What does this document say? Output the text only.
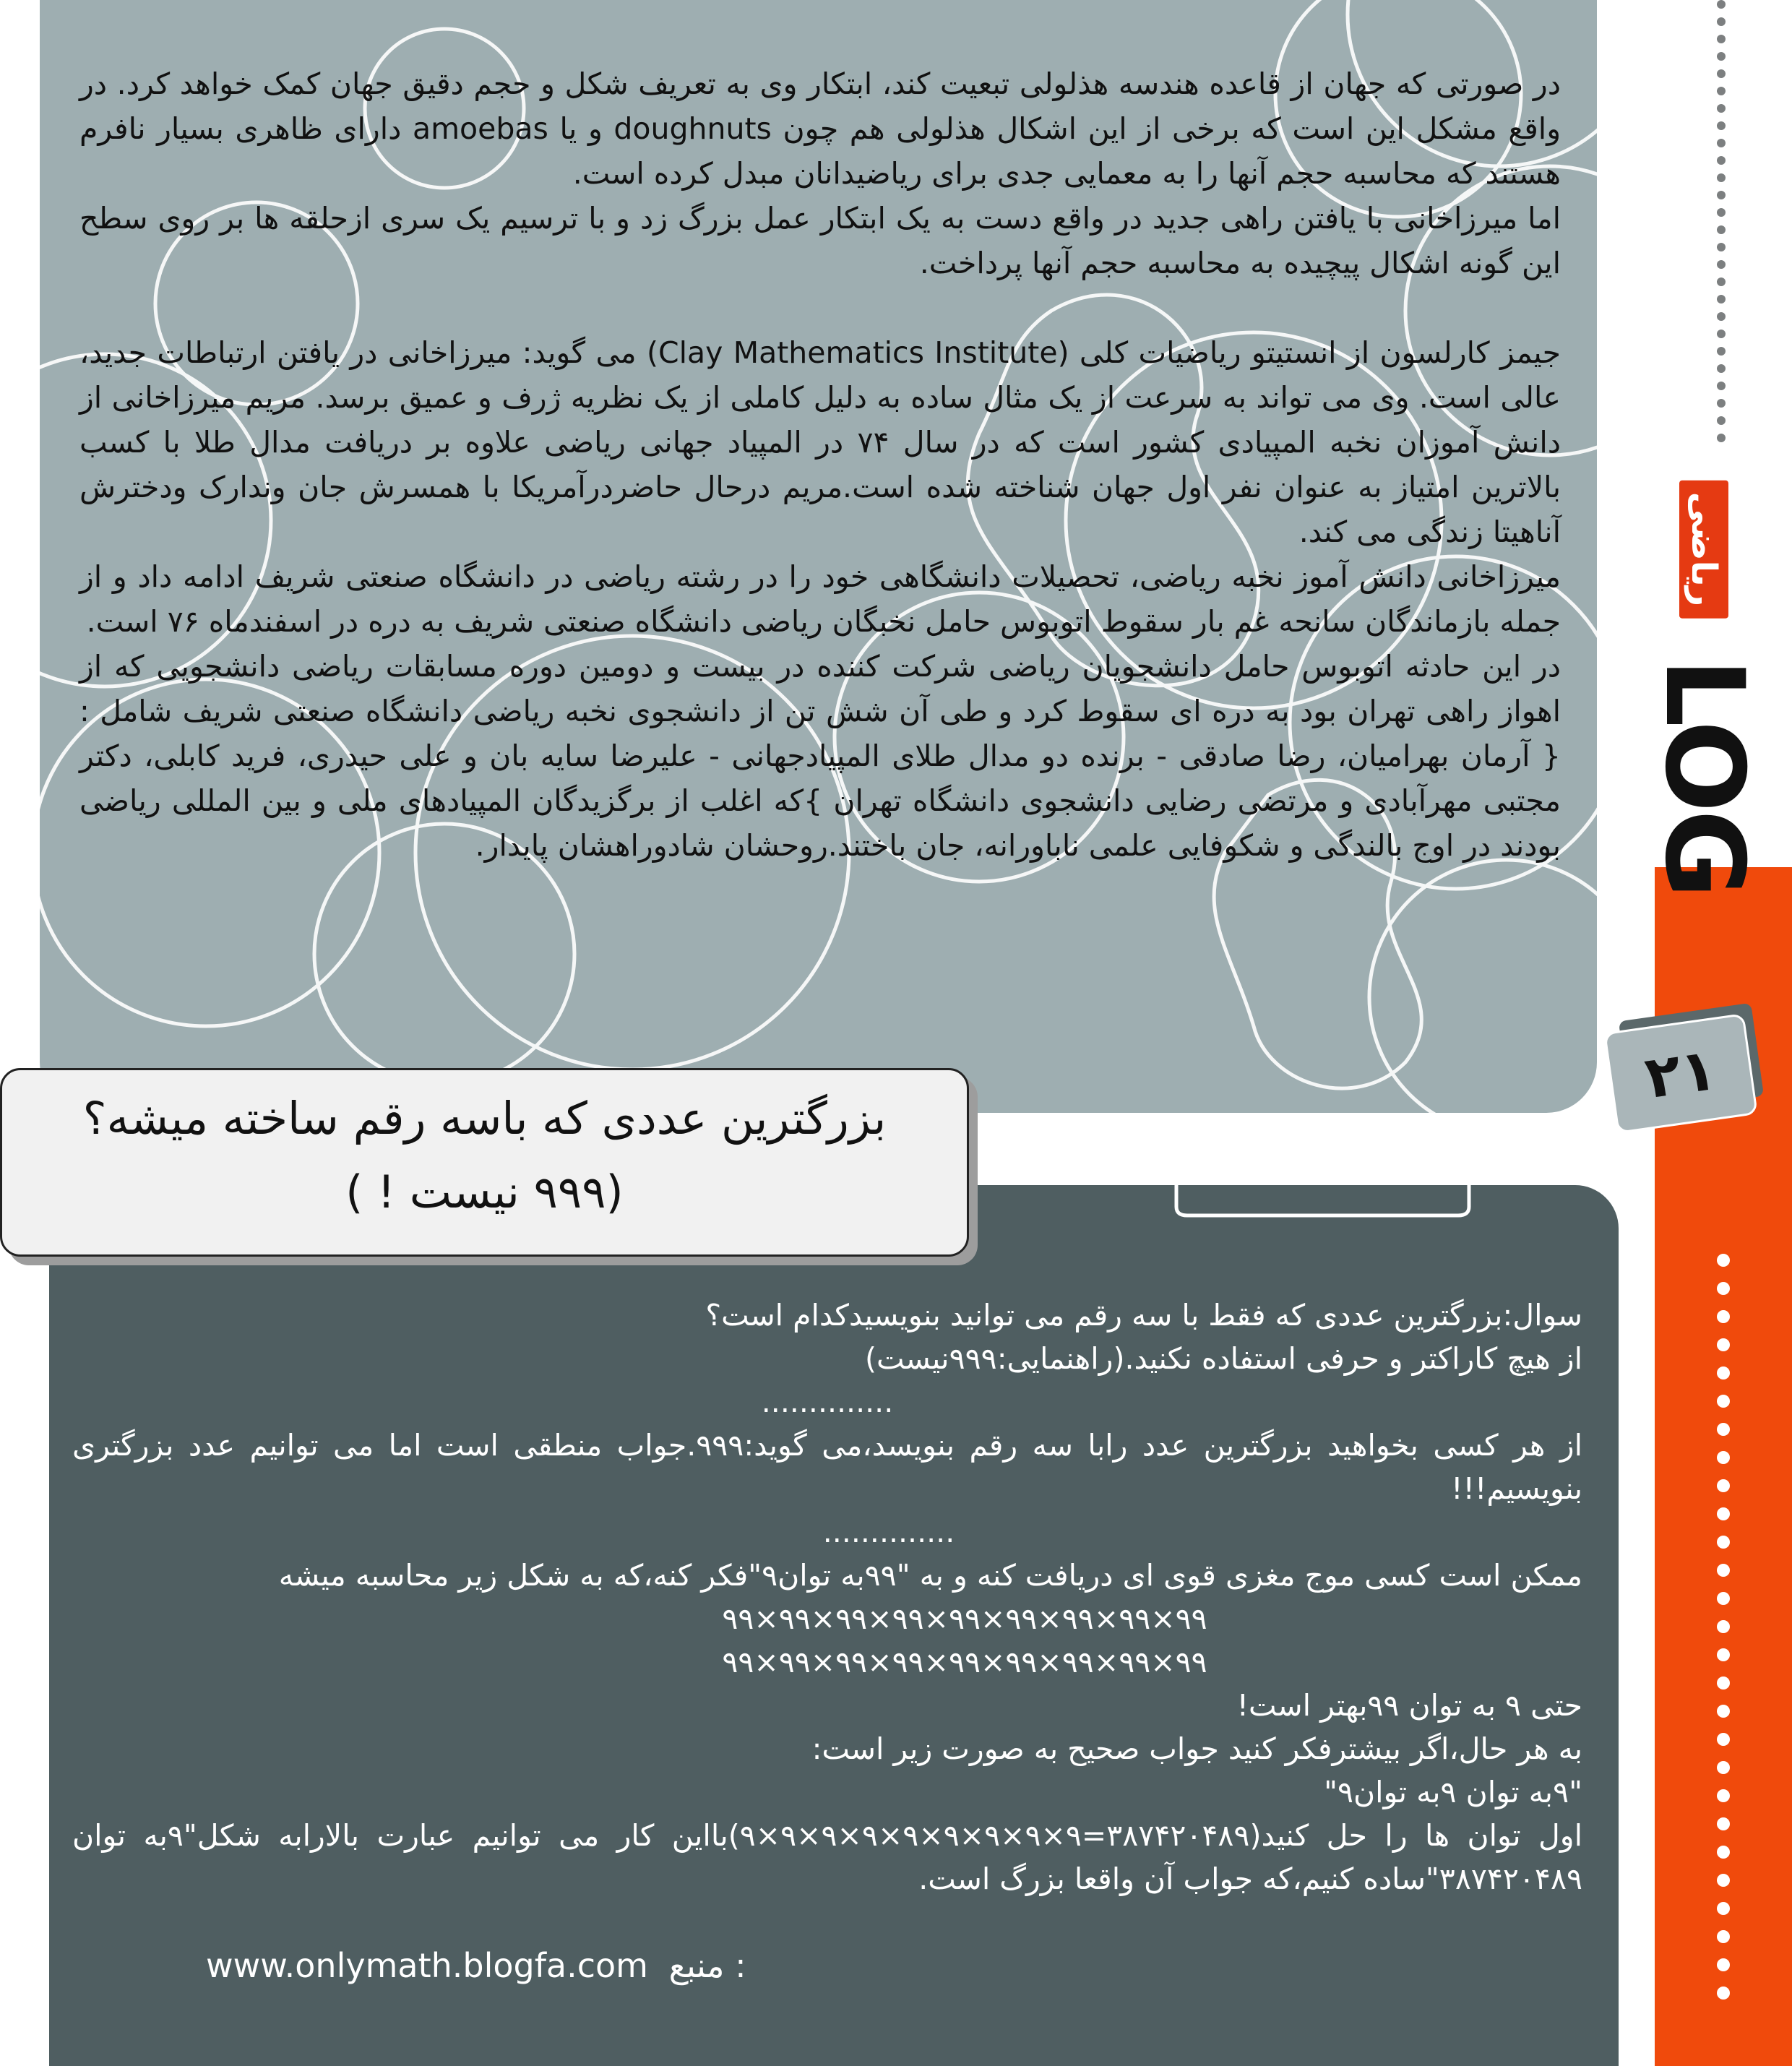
در صورتی که جهان از قاعده هندسه هذلولی تبعیت کند، ابتکار وی به تعریف شکل و حجم دقیق جهان کمک خواهد کرد. در واقع مشکل این است که برخی از این اشکال هذلولی هم چون doughnuts و یا amoebas دارای ظاهری بسیار نافرم هستند که محاسبه حجم آنها را به معمایی جدی برای ریاضیدانان مبدل کرده است.

اما میرزاخانی با یافتن راهی جدید در واقع دست به یک ابتکار عمل بزرگ زد و با ترسیم یک سری ازحلقه ها بر روی سطح این گونه اشکال پیچیده به محاسبه حجم آنها پرداخت.

جیمز کارلسون از انستیتو ریاضیات کلی (Clay Mathematics Institute) می گوید: میرزاخانی در یافتن ارتباطات جدید، عالی است. وی می تواند به سرعت از یک مثال ساده به دلیل کاملی از یک نظریه ژرف و عمیق برسد. مریم میرزاخانی از دانش آموزان نخبه المپیادی کشور است که در سال ۷۴ در المپیاد جهانی ریاضی علاوه بر دریافت مدال طلا با کسب بالاترین امتیاز به عنوان نفر اول جهان شناخته شده است.مریم درحال حاضردرآمریکا با همسرش جان وندارک ودخترش آناهیتا زندگی می کند.

میرزاخانی دانش آموز نخبه ریاضی، تحصیلات دانشگاهی خود را در رشته ریاضی در دانشگاه صنعتی شریف ادامه داد و از جمله بازماندگان سانحه غم بار سقوط اتوبوس حامل نخبگان ریاضی دانشگاه صنعتی شریف به دره در اسفندماه ۷۶ است.

در این حادثه اتوبوس حامل دانشجویان ریاضی شرکت کننده در بیست و دومین دوره مسابقات ریاضی دانشجویی که از اهواز راهی تهران بود به دره ای سقوط کرد و طی آن شش تن از دانشجوی نخبه ریاضی دانشگاه صنعتی شریف شامل : { آرمان بهرامیان، رضا صادقی - برنده دو مدال طلای المپیادجهانی - علیرضا سایه بان و علی حیدری، فرید کابلی، دکتر مجتبی مهرآبادی و مرتضی رضایی دانشجوی دانشگاه تهران }که اغلب از برگزیدگان المپیادهای ملی و بین المللی ریاضی بودند در اوج بالندگی و شکوفایی علمی ناباورانه، جان باختند.روحشان شادوراهشان پایدار.

سوال:بزرگترین عددی که فقط با سه رقم می توانید بنویسیدکدام است؟

از هیچ کاراکتر و حرفی استفاده نکنید.(راهنمایی:۹۹۹نیست)

..............

از هر کسی بخواهید بزرگترین عدد رابا سه رقم بنویسد،می گوید:۹۹۹.جواب منطقی است اما می توانیم عدد بزرگتری بنویسیم!!!

..............

ممکن است کسی موج مغزی قوی ای دریافت کنه و به "۹۹به توان۹"فکر کنه،که به شکل زیر محاسبه میشه

۹۹×۹۹×۹۹×۹۹×۹۹×۹۹×۹۹×۹۹×۹۹

۹۹×۹۹×۹۹×۹۹×۹۹×۹۹×۹۹×۹۹×۹۹

حتی ۹ به توان ۹۹بهتر است!

به هر حال،اگر بیشترفکر کنید جواب صحیح به صورت زیر است:

"۹به توان ۹به توان۹"

اول توان ها را حل کنید(۳۸۷۴۲۰۴۸۹=۹×۹×۹×۹×۹×۹×۹×۹×۹)بااین کار می توانیم عبارت بالارابه شکل"۹به توان ۳۸۷۴۲۰۴۸۹"ساده کنیم،که جواب آن واقعا بزرگ است.

www.onlymath.blogfa.com منبع :
بزرگترین عددی که باسه رقم ساخته میشه؟
(۹۹۹ نیست ! )
ریاضی
LOG
۲۱
